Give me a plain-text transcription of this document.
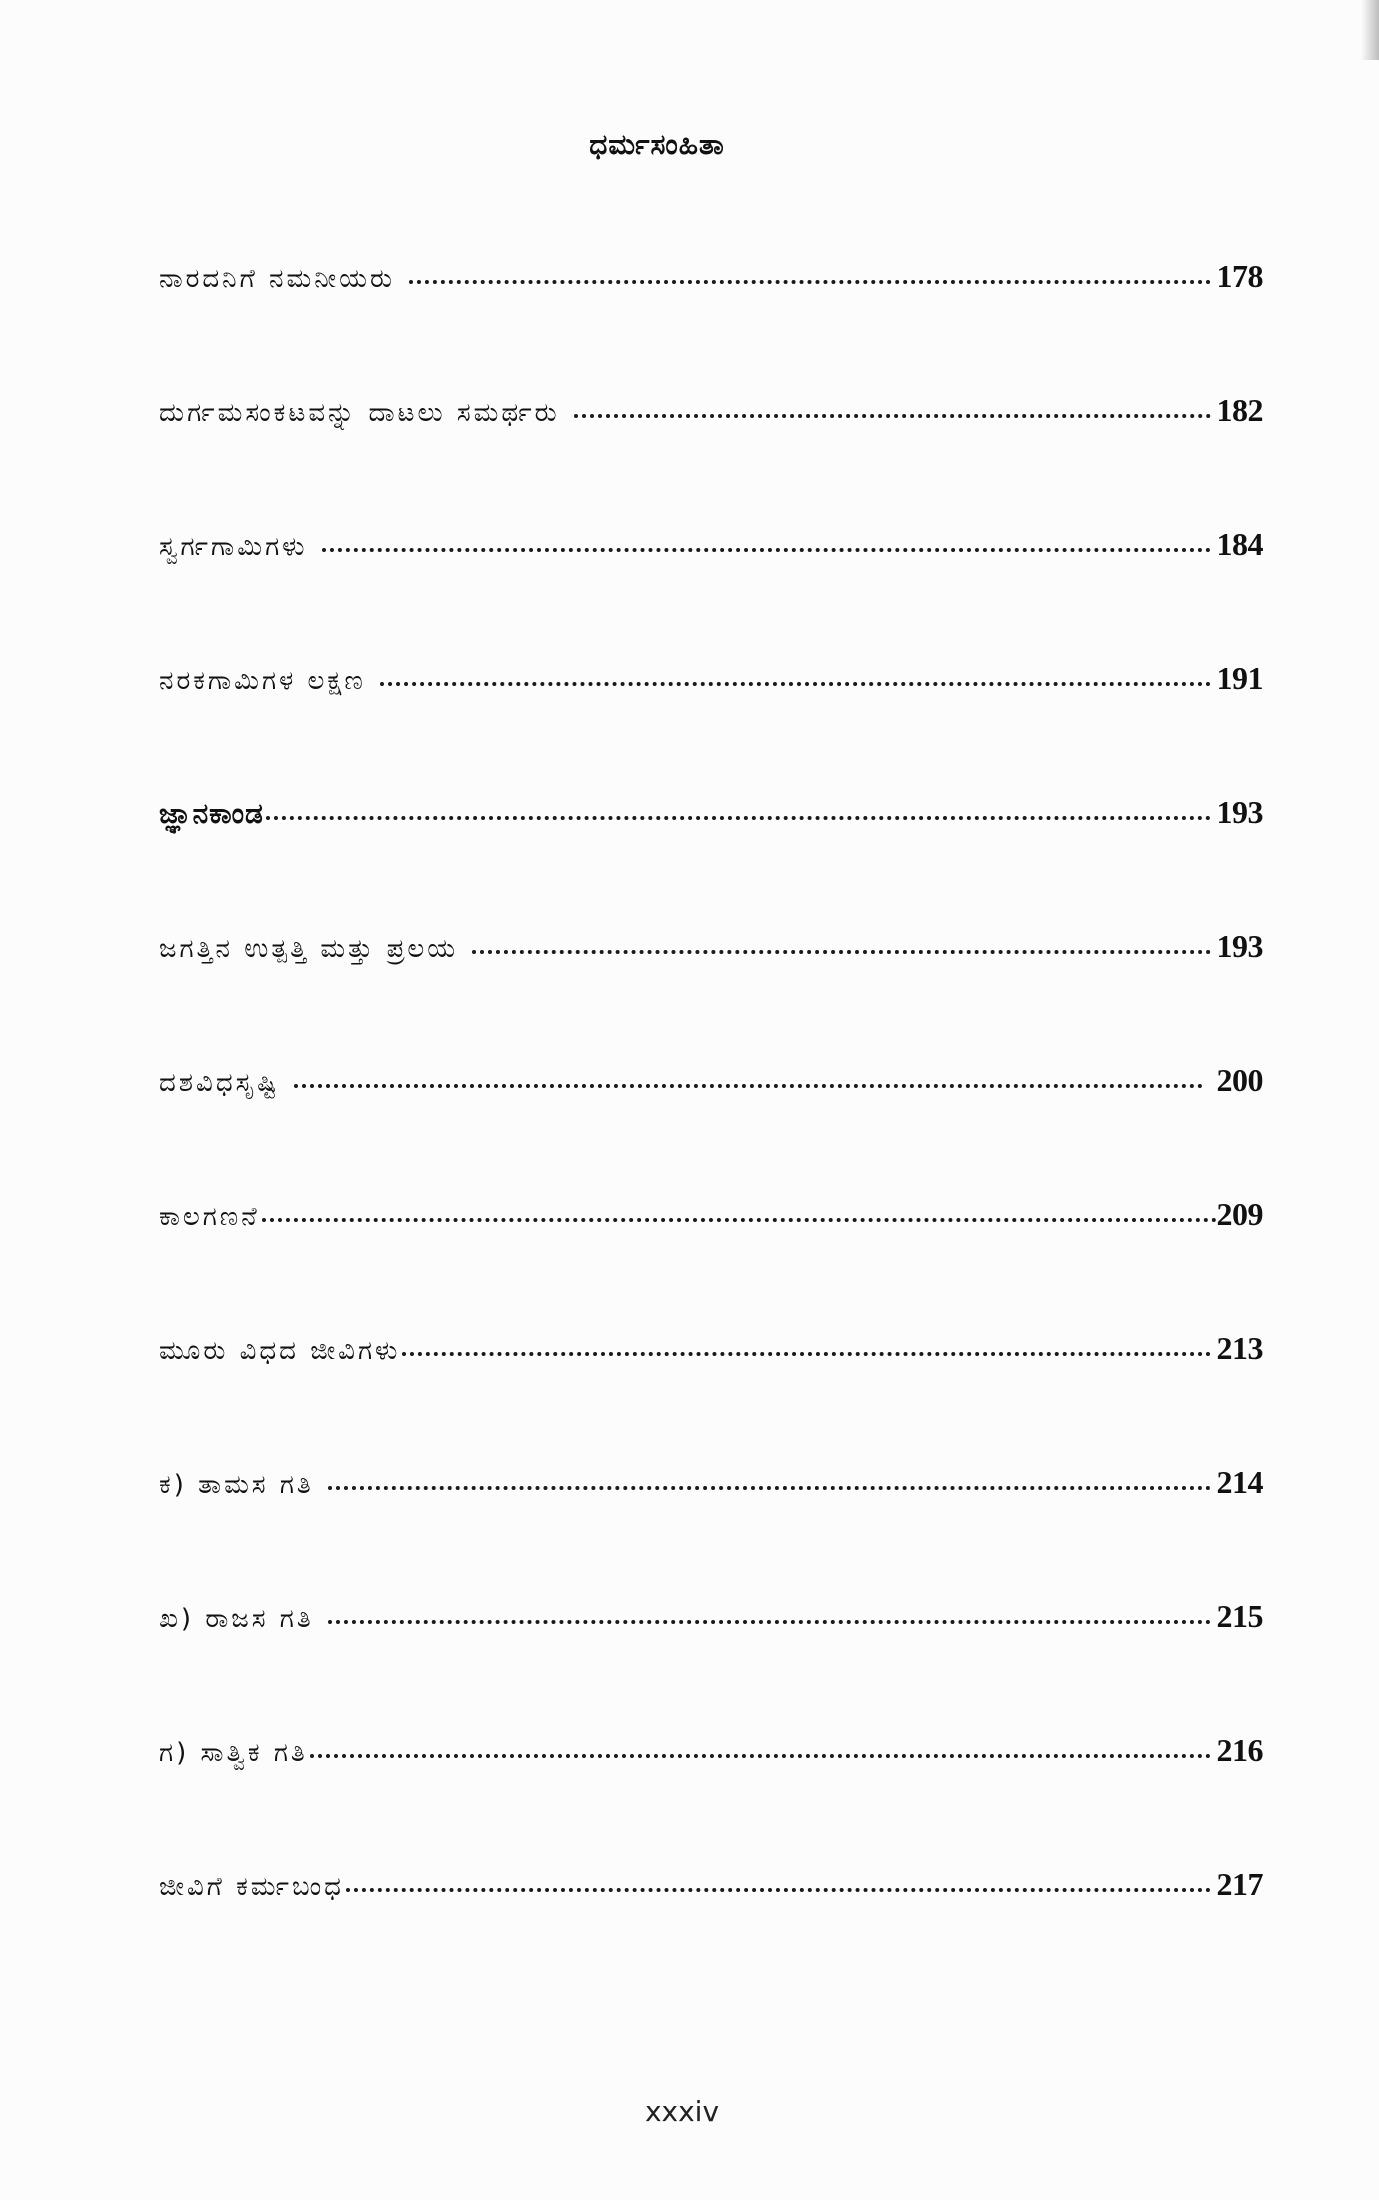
ಧರ್ಮಸಂಹಿತಾ
ನಾರದನಿಗೆ ನಮನೀಯರು	178
ದುರ್ಗಮಸಂಕಟವನ್ನು ದಾಟಲು ಸಮರ್ಥರು	182
ಸ್ವರ್ಗಗಾಮಿಗಳು	184
ನರಕಗಾಮಿಗಳ ಲಕ್ಷಣ	191
ಜ್ಞಾನಕಾಂಡ	193
ಜಗತ್ತಿನ ಉತ್ಪತ್ತಿ ಮತ್ತು ಪ್ರಲಯ	193
ದಶವಿಧಸೃಷ್ಟಿ	200
ಕಾಲಗಣನೆ	209
ಮೂರು ವಿಧದ ಜೀವಿಗಳು	213
ಕ) ತಾಮಸ ಗತಿ	214
ಖ) ರಾಜಸ ಗತಿ	215
ಗ) ಸಾತ್ವಿಕ ಗತಿ	216
ಜೀವಿಗೆ ಕರ್ಮಬಂಧ	217
xxxiv
